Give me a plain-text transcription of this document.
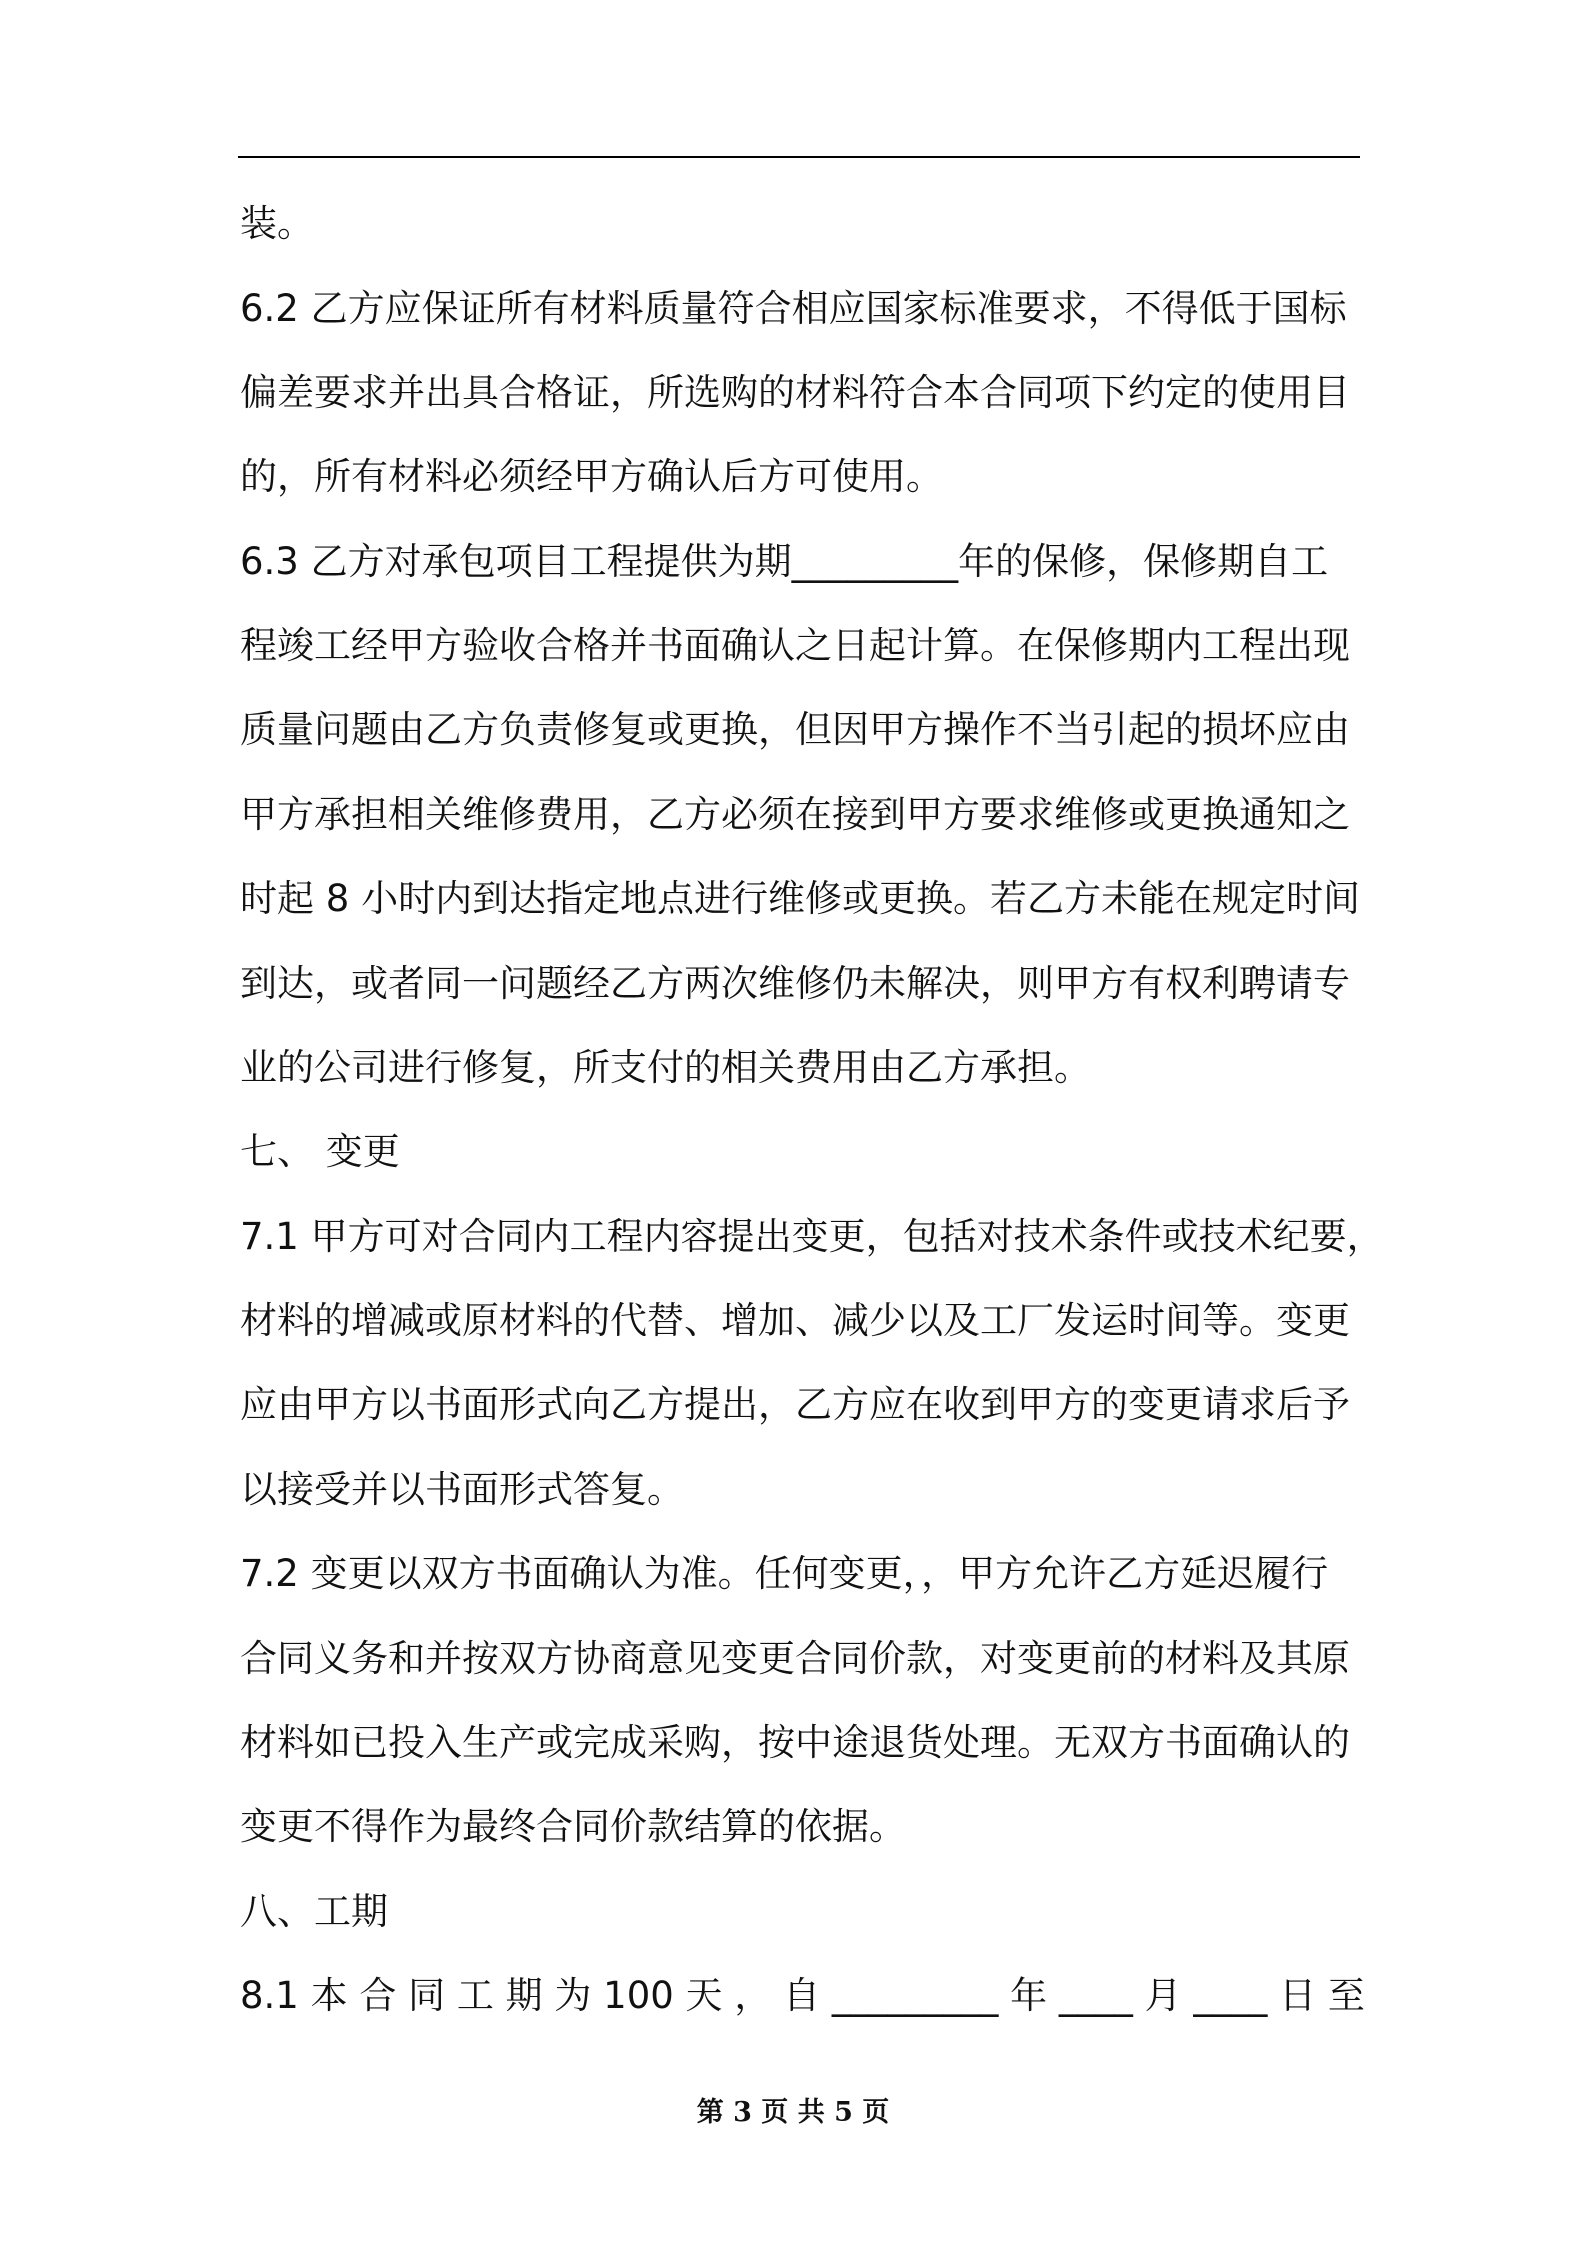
装。
6.2 乙方应保证所有材料质量符合相应国家标准要求，不得低于国标
偏差要求并出具合格证，所选购的材料符合本合同项下约定的使用目
的，所有材料必须经甲方确认后方可使用。
6.3 乙方对承包项目工程提供为期_________年的保修，保修期自工
程竣工经甲方验收合格并书面确认之日起计算。在保修期内工程出现
质量问题由乙方负责修复或更换，但因甲方操作不当引起的损坏应由
甲方承担相关维修费用，乙方必须在接到甲方要求维修或更换通知之
时起 8 小时内到达指定地点进行维修或更换。若乙方未能在规定时间
到达，或者同一问题经乙方两次维修仍未解决，则甲方有权利聘请专
业的公司进行修复，所支付的相关费用由乙方承担。
七、 变更
7.1 甲方可对合同内工程内容提出变更，包括对技术条件或技术纪要，
材料的增减或原材料的代替、增加、减少以及工厂发运时间等。变更
应由甲方以书面形式向乙方提出，乙方应在收到甲方的变更请求后予
以接受并以书面形式答复。
7.2 变更以双方书面确认为准。任何变更，，甲方允许乙方延迟履行
合同义务和并按双方协商意见变更合同价款，对变更前的材料及其原
材料如已投入生产或完成采购，按中途退货处理。无双方书面确认的
变更不得作为最终合同价款结算的依据。
八、工期
8.1 本 合 同 工 期 为 100 天 ， 自 _________ 年 ____ 月 ____ 日 至
第 3 页 共 5 页
